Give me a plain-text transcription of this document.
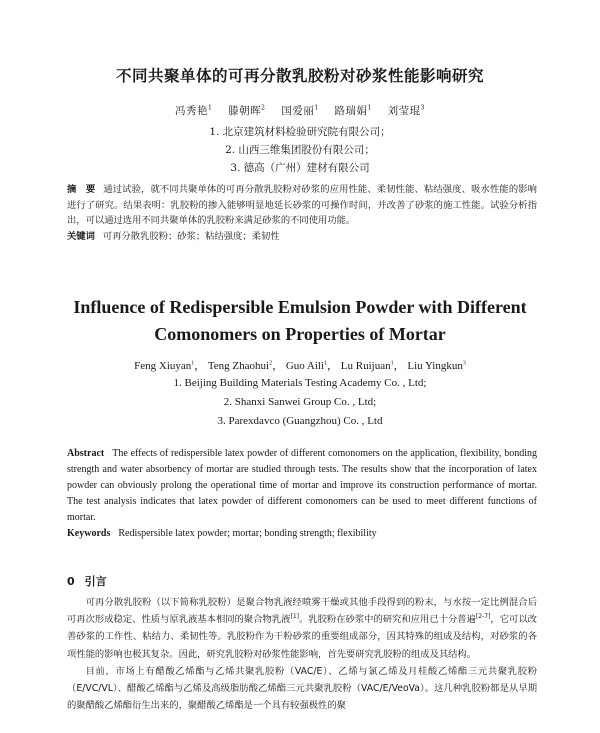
不同共聚单体的可再分散乳胶粉对砂浆性能影响研究
冯秀艳$^1$ 滕朝晖$^2$ 国爱丽$^1$ 路瑞娟$^1$ 刘莹琨$^3$
1. 北京建筑材料检验研究院有限公司；
2. 山西三维集团股份有限公司；
3. 德高（广州）建材有限公司
摘　要 通过试验，就不同共聚单体的可再分散乳胶粉对砂浆的应用性能、柔韧性能、粘结强度、吸水性能的影响进行了研究。结果表明：乳胶粉的掺入能够明显地延长砂浆的可操作时间，并改善了砂浆的施工性能。试验分析指出，可以通过选用不同共聚单体的乳胶粉来满足砂浆的不同使用功能。
关键词 可再分散乳胶粉；砂浆；粘结强度；柔韧性
Influence of Redispersible Emulsion Powder with Different
Comonomers on Properties of Mortar
Feng Xiuyan$^1$， Teng Zhaohui$^2$， Guo Aili$^1$， Lu Ruijuan$^1$， Liu Yingkun$^3$
1. Beijing Building Materials Testing Academy Co. , Ltd;
2. Shanxi Sanwei Group Co. , Ltd;
3. Parexdavco (Guangzhou) Co. , Ltd
Abstract The effects of redispersible latex powder of different comonomers on the application, flexibility, bonding strength and water absorbency of mortar are studied through tests. The results show that the incorporation of latex powder can obviously prolong the operational time of mortar and improve its construction performance of mortar. The test analysis indicates that latex powder of different comonomers can be used to meet different functions of mortar.
Keywords Redispersible latex powder; mortar; bonding strength; flexibility
0 引言

可再分散乳胶粉（以下简称乳胶粉）是聚合物乳液经喷雾干燥或其他手段得到的粉末，与水按一定比例混合后可再次形成稳定、性质与原乳液基本相同的聚合物乳液[1]。乳胶粉在砂浆中的研究和应用已十分普遍[2-7]，它可以改善砂浆的工作性、粘结力、柔韧性等。乳胶粉作为干粉砂浆的重要组成部分，因其特殊的组成及结构，对砂浆的各项性能的影响也极其复杂。因此，研究乳胶粉对砂浆性能影响，首先要研究乳胶粉的组成及其结构。

目前，市场上有醋酸乙烯酯与乙烯共聚乳胶粉（VAC/E）、乙烯与氯乙烯及月桂酸乙烯酯三元共聚乳胶粉（E/VC/VL）、醋酸乙烯酯与乙烯及高级脂肪酸乙烯酯三元共聚乳胶粉（VAC/E/VeoVa）。这几种乳胶粉都是从早期的聚醋酸乙烯酯衍生出来的，聚醋酸乙烯酯是一个具有较强极性的聚
